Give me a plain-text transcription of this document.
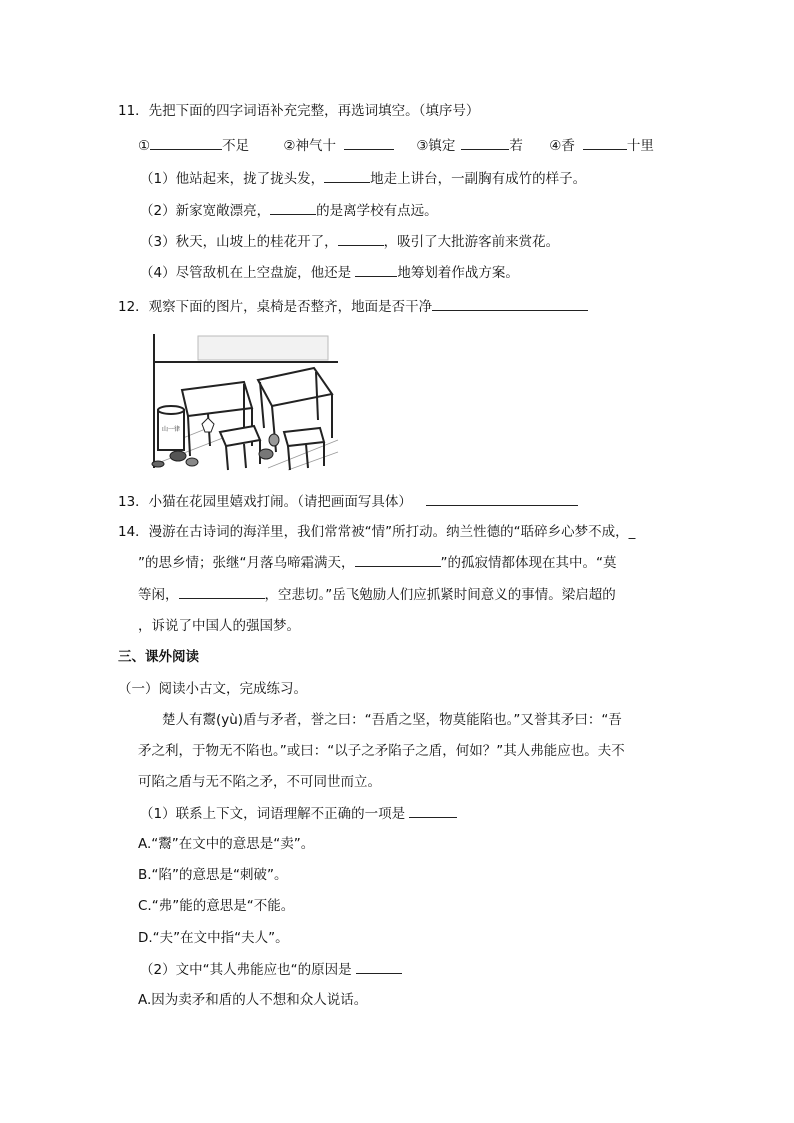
11．先把下面的四字词语补充完整，再选词填空。（填序号）
①	不足	②神气十	③镇定	若 ④香	十里
（1）他站起来，拢了拢头发，	地走上讲台，一副胸有成竹的样子。
（2）新家宽敞漂亮，	的是离学校有点远。
（3）秋天，山坡上的桂花开了，	，吸引了大批游客前来赏花。
（4）尽管敌机在上空盘旋，他还是	地筹划着作战方案。
12．观察下面的图片，桌椅是否整齐，地面是否干净
山一律
13．小猫在花园里嬉戏打闹。（请把画面写具体）
14．漫游在古诗词的海洋里，我们常常被“情”所打动。纳兰性德的“聒碎乡心梦不成，_
”的思乡情；张继“月落乌啼霜满天，	”的孤寂情都体现在其中。“莫
等闲，	，空悲切。”岳飞勉励人们应抓紧时间意义的事情。梁启超的
，诉说了中国人的强国梦。
三、课外阅读
（一）阅读小古文，完成练习。
楚人有鬻(yù)盾与矛者，誉之曰：“吾盾之坚，物莫能陷也。”又誉其矛曰：“吾
矛之利，于物无不陷也。”或曰：“以子之矛陷子之盾，何如？”其人弗能应也。夫不
可陷之盾与无不陷之矛，不可同世而立。
（1）联系上下文，词语理解不正确的一项是
A.“鬻”在文中的意思是“卖”。
B.“陷”的意思是“刺破”。
C.“弗”能的意思是“不能。
D.“夫”在文中指“夫人”。
（2）文中“其人弗能应也“的原因是
A.因为卖矛和盾的人不想和众人说话。
